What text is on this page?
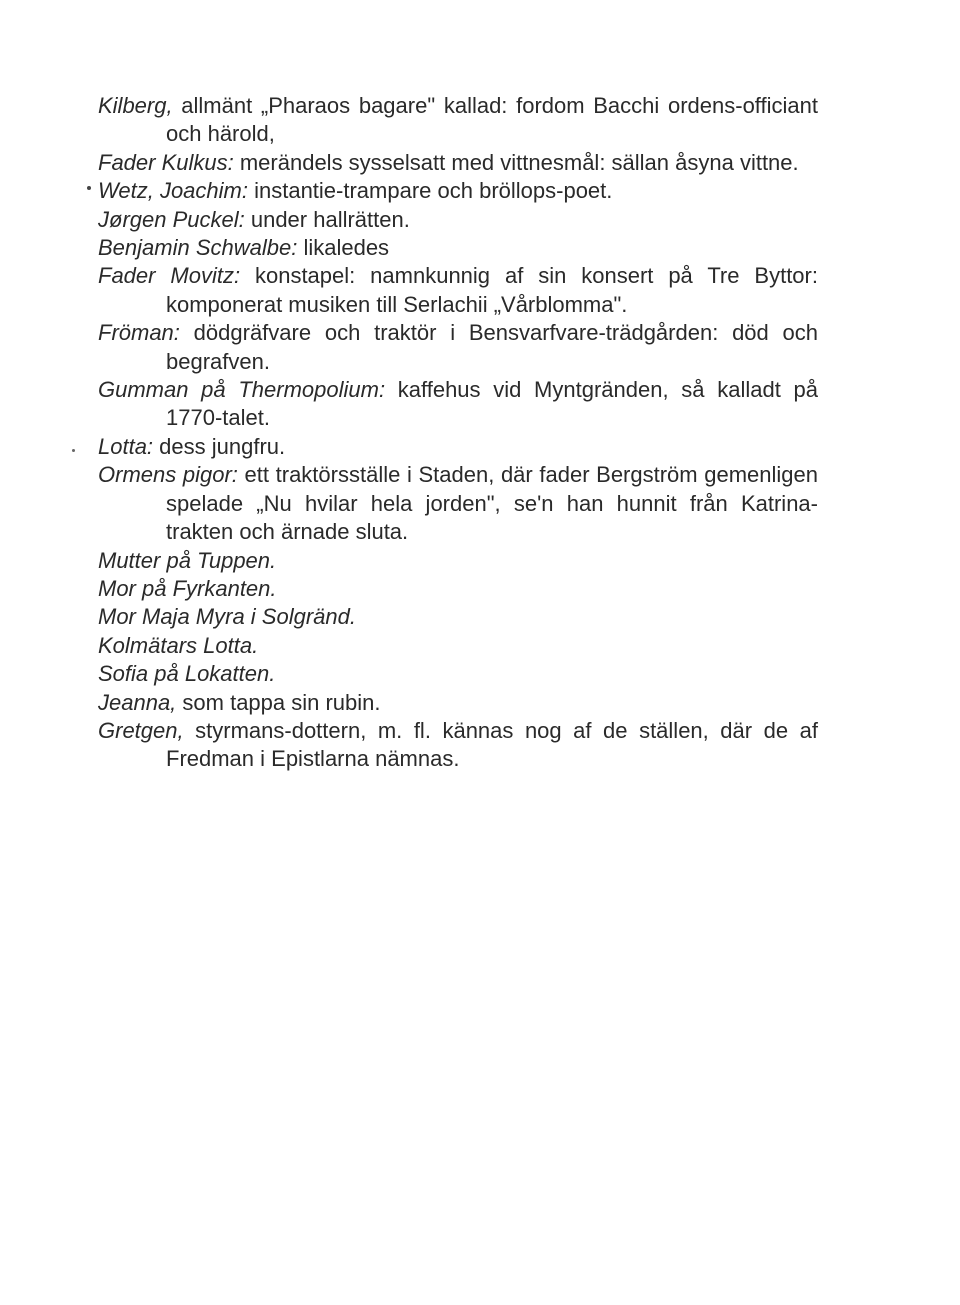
Kilberg, allmänt „Pharaos bagare" kallad: fordom Bacchi ordens-officiant och härold,

Fader Kulkus: merändels sysselsatt med vittnesmål: sällan åsyna vittne.

Wetz, Joachim: instantie-trampare och bröllops-poet.

Jørgen Puckel: under hallrätten.

Benjamin Schwalbe: likaledes

Fader Movitz: konstapel: namnkunnig af sin konsert på Tre Byttor: komponerat musiken till Serlachii „Vårblomma".

Fröman: dödgräfvare och traktör i Bensvarfvare-trädgården: död och begrafven.

Gumman på Thermopolium: kaffehus vid Myntgränden, så kalladt på 1770-talet.

Lotta: dess jungfru.

Ormens pigor: ett traktörsställe i Staden, där fader Bergström gemenligen spelade „Nu hvilar hela jorden", se'n han hunnit från Katrina-trakten och ärnade sluta.

Mutter på Tuppen.

Mor på Fyrkanten.

Mor Maja Myra i Solgränd.

Kolmätars Lotta.

Sofia på Lokatten.

Jeanna, som tappa sin rubin.

Gretgen, styrmans-dottern, m. fl. kännas nog af de ställen, där de af Fredman i Epistlarna nämnas.
